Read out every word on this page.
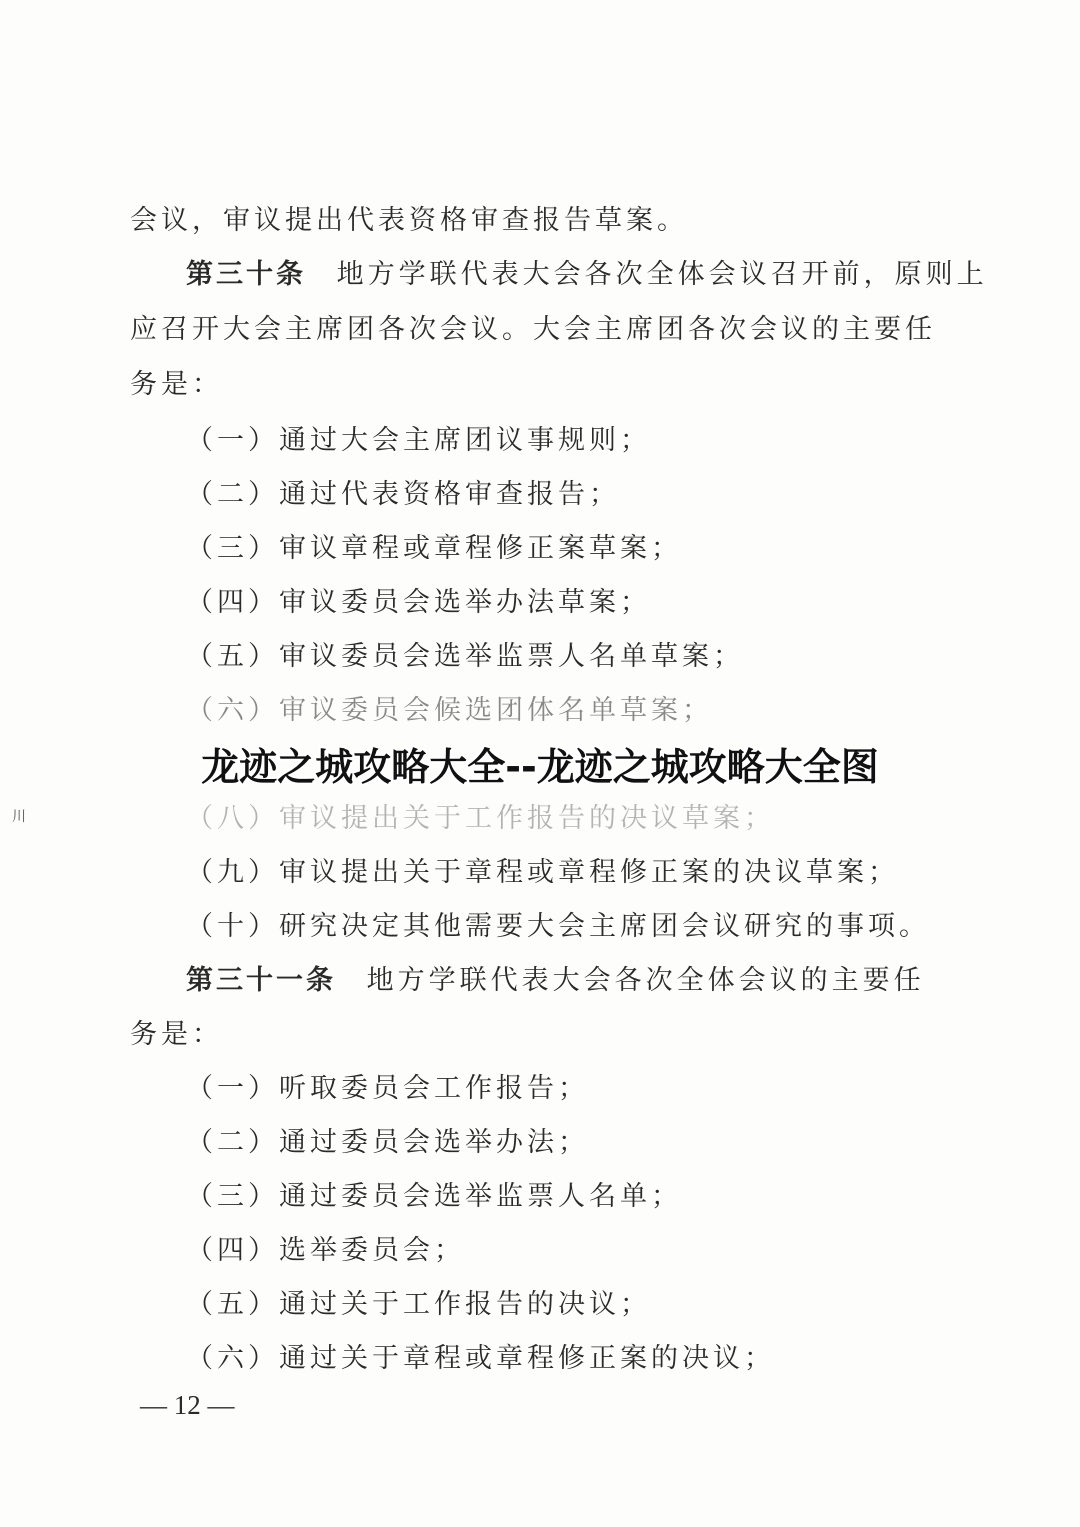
会议，审议提出代表资格审查报告草案。
第三十条 地方学联代表大会各次全体会议召开前，原则上
应召开大会主席团各次会议。大会主席团各次会议的主要任
务是：
（一）通过大会主席团议事规则；
（二）通过代表资格审查报告；
（三）审议章程或章程修正案草案；
（四）审议委员会选举办法草案；
（五）审议委员会选举监票人名单草案；
（六）审议委员会候选团体名单草案；
川	（八）审议提出关于工作报告的决议草案；
（九）审议提出关于章程或章程修正案的决议草案；
（十）研究决定其他需要大会主席团会议研究的事项。
第三十一条 地方学联代表大会各次全体会议的主要任
务是：
（一）听取委员会工作报告；
（二）通过委员会选举办法；
（三）通过委员会选举监票人名单；
（四）选举委员会；
（五）通过关于工作报告的决议；
（六）通过关于章程或章程修正案的决议；
龙迹之城攻略大全--龙迹之城攻略大全图
— 12 —
